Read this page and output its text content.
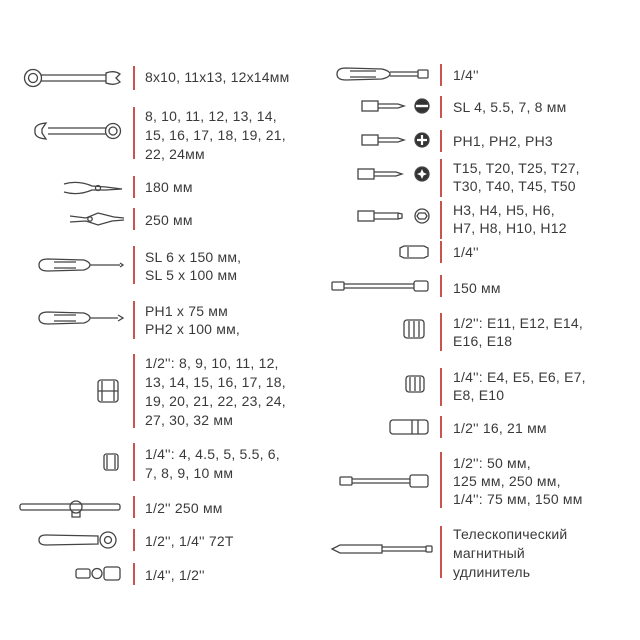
8x10, 11x13, 12x14мм
8, 10, 11, 12, 13, 14,
15, 16, 17, 18, 19, 21,
22, 24мм
180 мм
250 мм
SL 6 x 150 мм,
SL 5 x 100 мм
PH1 x 75 мм
PH2 x 100 мм,
1/2'': 8, 9, 10, 11, 12,
13, 14, 15, 16, 17, 18,
19, 20, 21, 22, 23, 24,
27, 30, 32 мм
1/4'': 4, 4.5, 5, 5.5, 6,
7, 8, 9, 10 мм
1/2'' 250 мм
1/2'', 1/4'' 72T
1/4'', 1/2''
1/4''
SL 4, 5.5, 7, 8 мм
PH1, PH2, PH3
T15, T20, T25, T27,
T30, T40, T45, T50
H3, H4, H5, H6,
H7, H8, H10, H12
1/4''
150 мм
1/2'': E11, E12, E14,
E16, E18
1/4'': E4, E5, E6, E7,
E8, E10
1/2'' 16, 21 мм
1/2'': 50 мм,
125 мм, 250 мм,
1/4'': 75 мм, 150 мм
Телескопический
магнитный
удлинитель
